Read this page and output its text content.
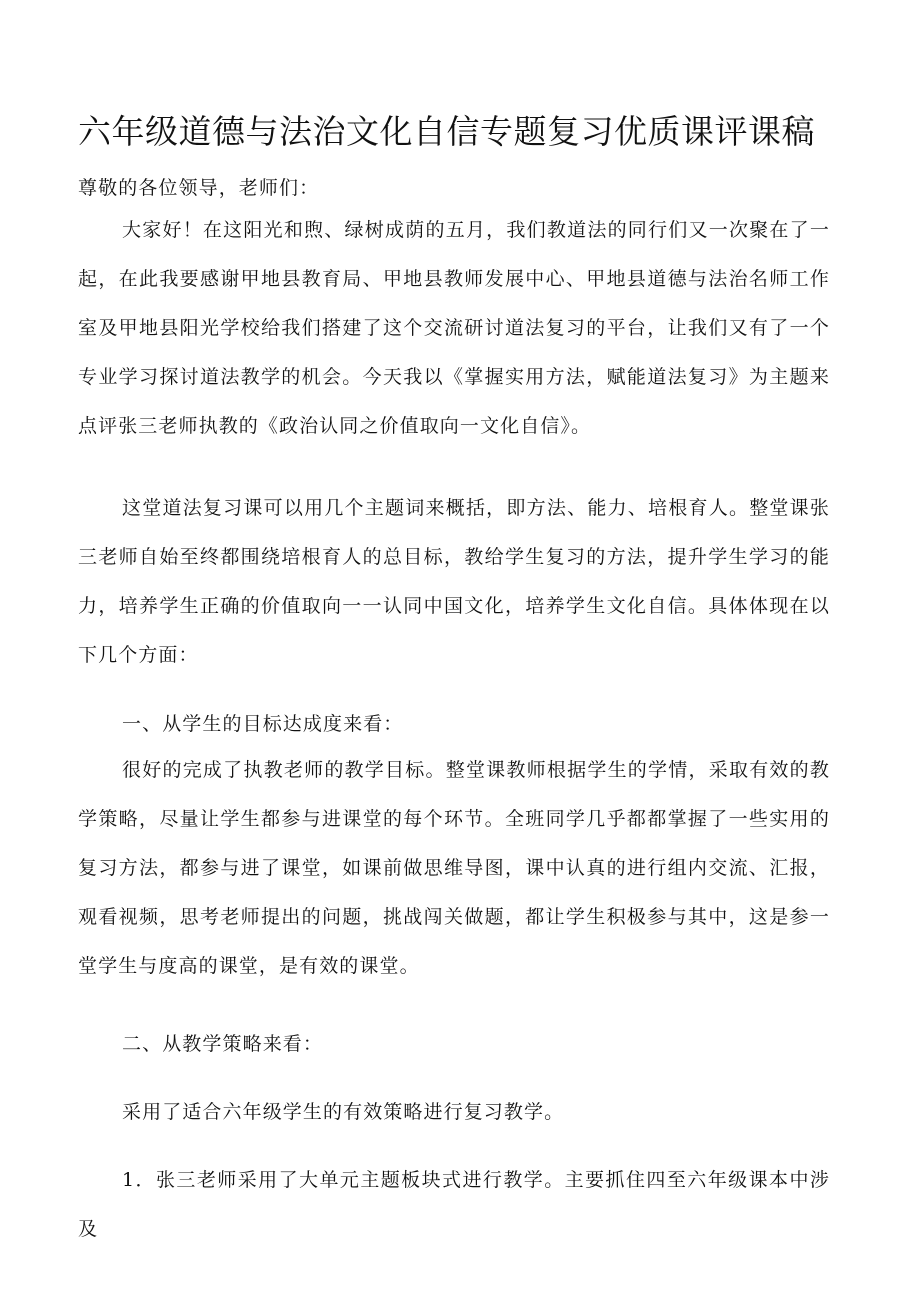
六年级道德与法治文化自信专题复习优质课评课稿

尊敬的各位领导，老师们：

大家好！在这阳光和煦、绿树成荫的五月，我们教道法的同行们又一次聚在了一起，在此我要感谢甲地县教育局、甲地县教师发展中心、甲地县道德与法治名师工作室及甲地县阳光学校给我们搭建了这个交流研讨道法复习的平台，让我们又有了一个专业学习探讨道法教学的机会。今天我以《掌握实用方法，赋能道法复习》为主题来点评张三老师执教的《政治认同之价值取向一文化自信》。

这堂道法复习课可以用几个主题词来概括，即方法、能力、培根育人。整堂课张三老师自始至终都围绕培根育人的总目标，教给学生复习的方法，提升学生学习的能力，培养学生正确的价值取向一一认同中国文化，培养学生文化自信。具体体现在以下几个方面：

一、从学生的目标达成度来看：

很好的完成了执教老师的教学目标。整堂课教师根据学生的学情，采取有效的教学策略，尽量让学生都参与进课堂的每个环节。全班同学几乎都都掌握了一些实用的复习方法，都参与进了课堂，如课前做思维导图，课中认真的进行组内交流、汇报，观看视频，思考老师提出的问题，挑战闯关做题，都让学生积极参与其中，这是参一堂学生与度高的课堂，是有效的课堂。

二、从教学策略来看：

采用了适合六年级学生的有效策略进行复习教学。

1．张三老师采用了大单元主题板块式进行教学。主要抓住四至六年级课本中涉及
